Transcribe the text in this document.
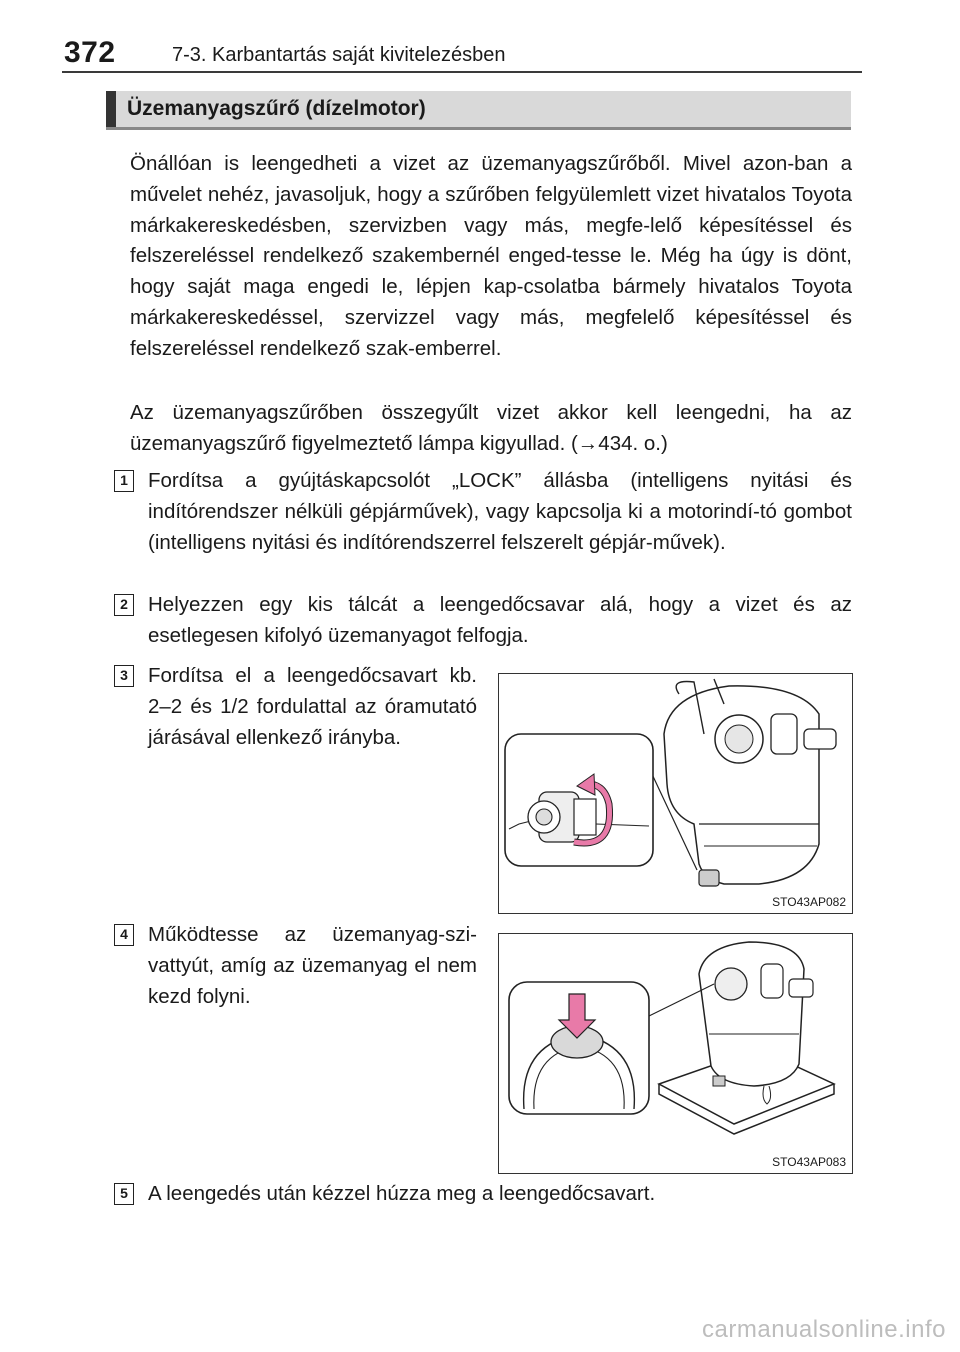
372	7-3. Karbantartás saját kivitelezésben
Üzemanyagszűrő (dízelmotor)
Önállóan is leengedheti a vizet az üzemanyagszűrőből. Mivel azon-ban a művelet nehéz, javasoljuk, hogy a szűrőben felgyülemlett vizet hivatalos Toyota márkakereskedésben, szervizben vagy más, megfe-lelő képesítéssel és felszereléssel rendelkező szakembernél enged-tesse le. Még ha úgy is dönt, hogy saját maga engedi le, lépjen kap-csolatba bármely hivatalos Toyota márkakereskedéssel, szervizzel vagy más, megfelelő képesítéssel és felszereléssel rendelkező szak-emberrel.
Az üzemanyagszűrőben összegyűlt vizet akkor kell leengedni, ha az üzemanyagszűrő figyelmeztető lámpa kigyullad. (→434. o.)
1 Fordítsa a gyújtáskapcsolót „LOCK” állásba (intelligens nyitási és indítórendszer nélküli gépjárművek), vagy kapcsolja ki a motorindí-tó gombot (intelligens nyitási és indítórendszerrel felszerelt gépjár-művek).
2 Helyezzen egy kis tálcát a leengedőcsavar alá, hogy a vizet és az esetlegesen kifolyó üzemanyagot felfogja.
3 Fordítsa el a leengedőcsavart kb. 2–2 és 1/2 fordulattal az óramutató járásával ellenkező irányba.
STO43AP082
4 Működtesse az üzemanyag-szi-vattyút, amíg az üzemanyag el nem kezd folyni.
STO43AP083
5 A leengedés után kézzel húzza meg a leengedőcsavart.
carmanualsonline.info
